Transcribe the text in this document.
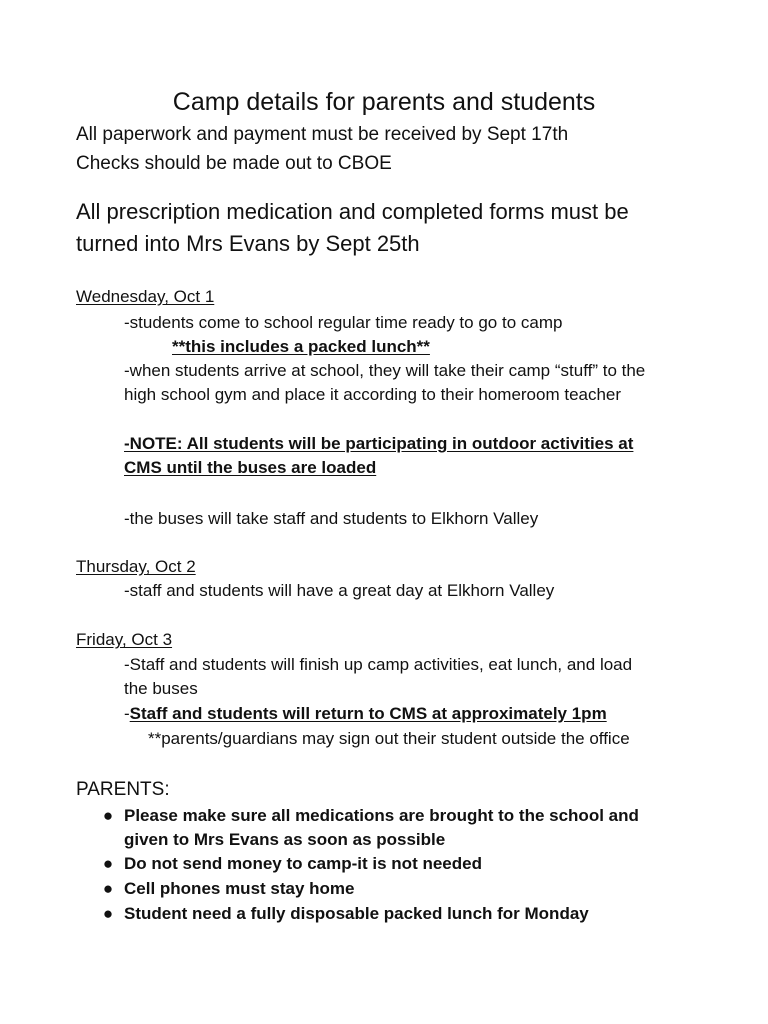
Camp details for parents and students
All paperwork and payment must be received by Sept 17th
Checks should be made out to CBOE
All prescription medication and completed forms must be
turned into Mrs Evans by Sept 25th
Wednesday, Oct 1
-students come to school regular time ready to go to camp
**this includes a packed lunch**
-when students arrive at school, they will take their camp “stuff” to the
high school gym and place it according to their homeroom teacher
-NOTE: All students will be participating in outdoor activities at
CMS until the buses are loaded
-the buses will take staff and students to Elkhorn Valley
Thursday, Oct 2
-staff and students will have a great day at Elkhorn Valley
Friday, Oct 3
-Staff and students will finish up camp activities, eat lunch, and load
the buses
-Staff and students will return to CMS at approximately 1pm
**parents/guardians may sign out their student outside the office
PARENTS:
● Please make sure all medications are brought to the school and
given to Mrs Evans as soon as possible
● Do not send money to camp-it is not needed
● Cell phones must stay home
● Student need a fully disposable packed lunch for Monday
